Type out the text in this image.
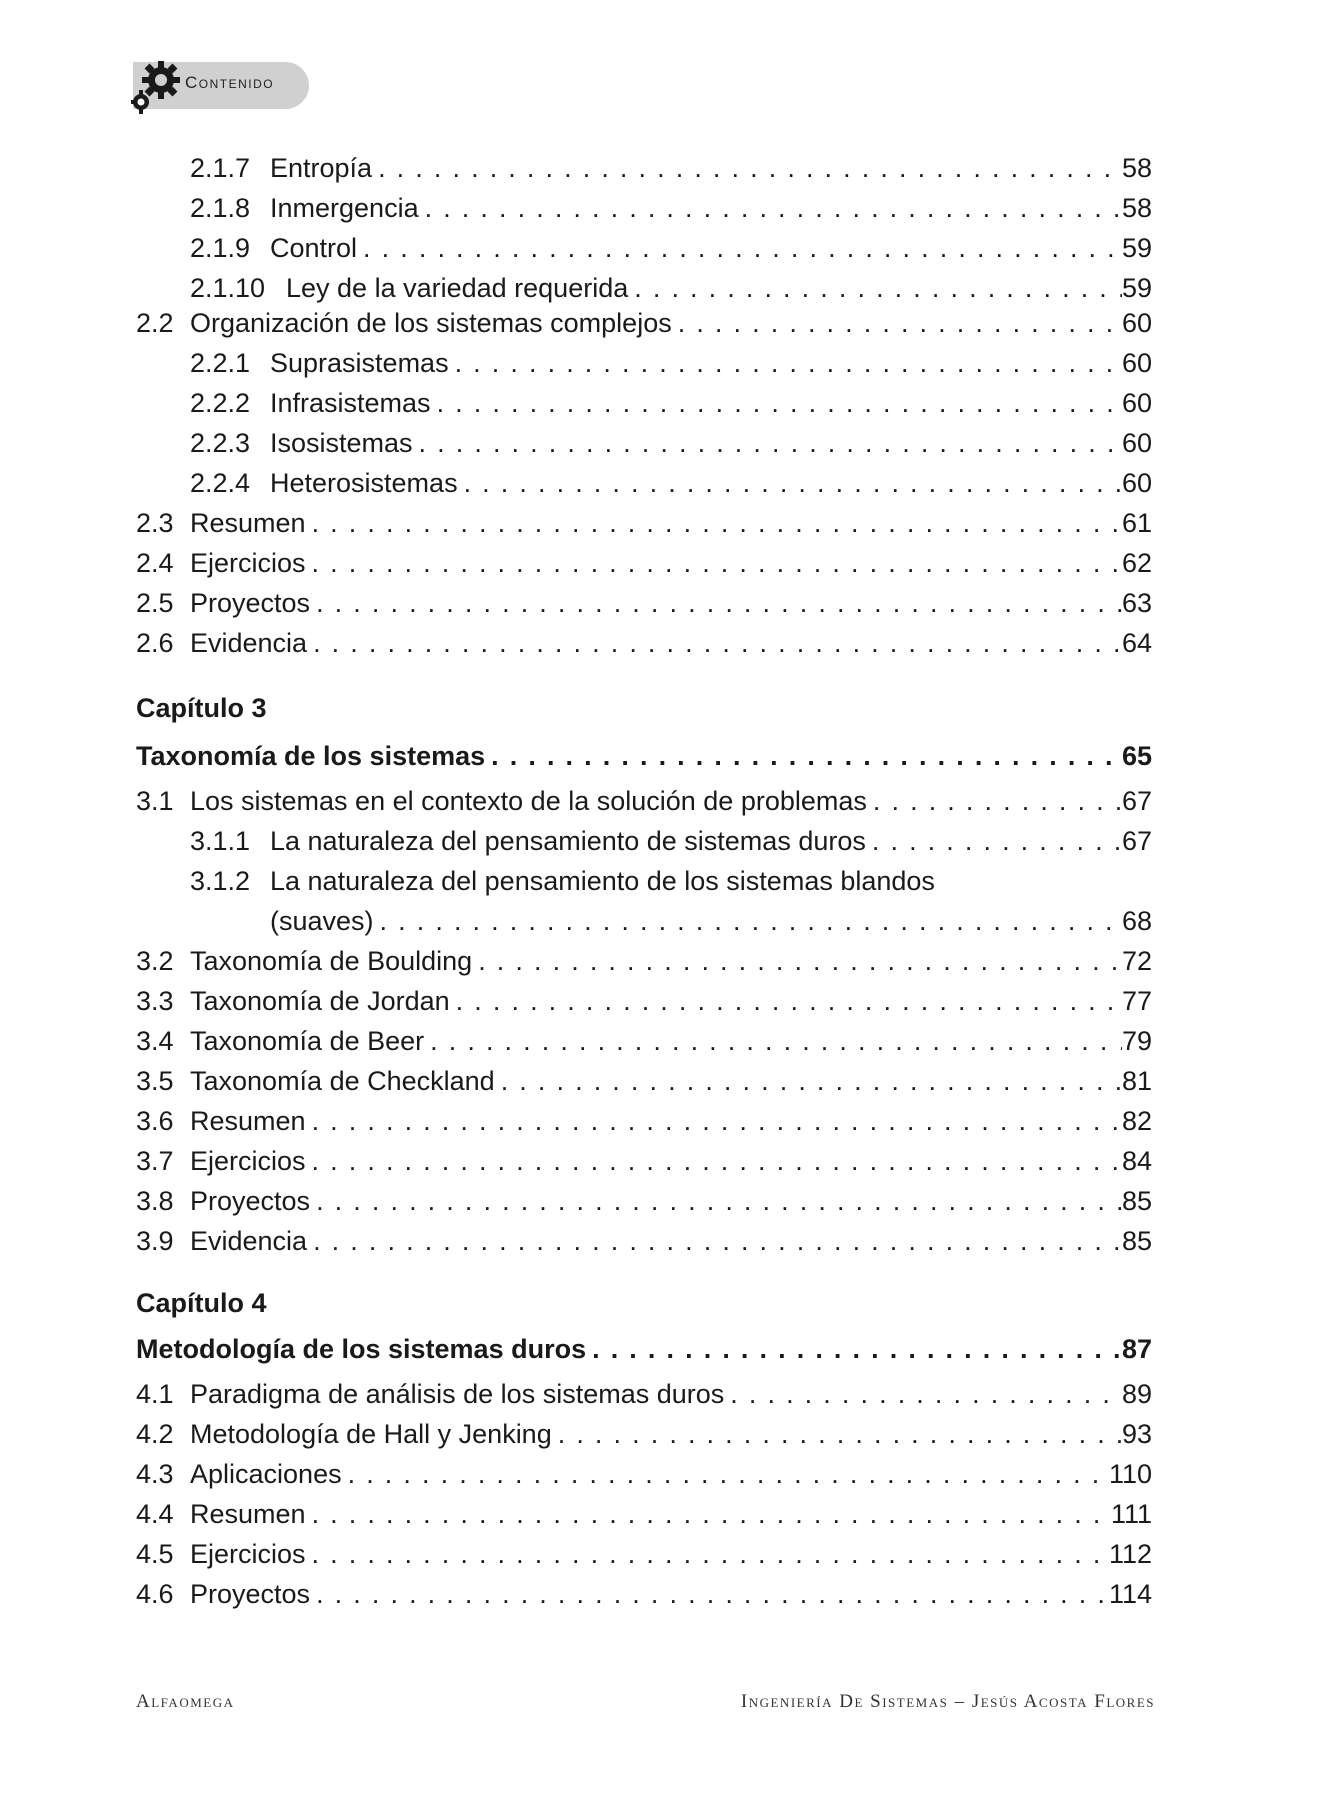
Contenido
2.1.7 Entropía . . .	58
2.1.8 Inmergencia . . .	58
2.1.9 Control . . .	59
2.1.10 Ley de la variedad requerida . . .	59
2.2 Organización de los sistemas complejos . . .	60
2.2.1 Suprasistemas . . .	60
2.2.2 Infrasistemas . . .	60
2.2.3 Isosistemas . . .	60
2.2.4 Heterosistemas . . .	60
2.3 Resumen . . .	61
2.4 Ejercicios . . .	62
2.5 Proyectos . . .	63
2.6 Evidencia . . .	64
Capítulo 3
Taxonomía de los sistemas . . .	65
3.1 Los sistemas en el contexto de la solución de problemas . . .	67
3.1.1 La naturaleza del pensamiento de sistemas duros . . .	67
3.1.2 La naturaleza del pensamiento de los sistemas blandos
(suaves) . . .	68
3.2 Taxonomía de Boulding . . .	72
3.3 Taxonomía de Jordan . . .	77
3.4 Taxonomía de Beer . . .	79
3.5 Taxonomía de Checkland . . .	81
3.6 Resumen . . .	82
3.7 Ejercicios . . .	84
3.8 Proyectos . . .	85
3.9 Evidencia . . .	85
Capítulo 4
Metodología de los sistemas duros . . .	87
4.1 Paradigma de análisis de los sistemas duros . . .	89
4.2 Metodología de Hall y Jenking . . .	93
4.3 Aplicaciones . . .	110
4.4 Resumen . . .	111
4.5 Ejercicios . . .	112
4.6 Proyectos . . .	114
Alfaomega	Ingeniería De Sistemas – Jesús Acosta Flores
